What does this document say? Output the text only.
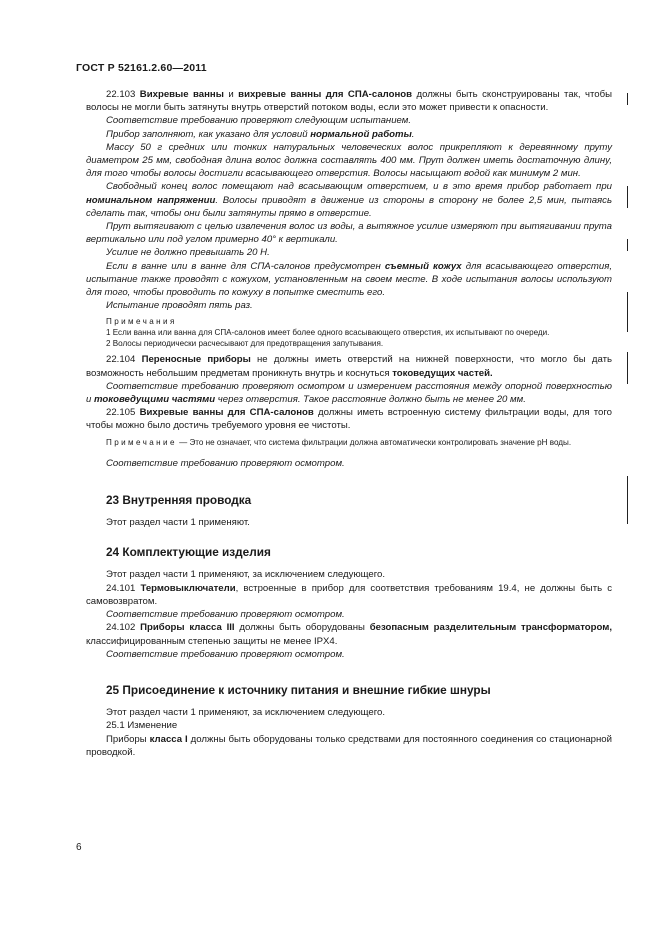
ГОСТ Р 52161.2.60—2011

22.103 Вихревые ванны и вихревые ванны для СПА-салонов должны быть сконструированы так, чтобы волосы не могли быть затянуты внутрь отверстий потоком воды, если это может привести к опасности.

Соответствие требованию проверяют следующим испытанием.

Прибор заполняют, как указано для условий нормальной работы.

Массу 50 г средних или тонких натуральных человеческих волос прикрепляют к деревянному пруту диаметром 25 мм, свободная длина волос должна составлять 400 мм. Прут должен иметь достаточную длину, для того чтобы волосы достигли всасывающего отверстия. Волосы насыщают водой как минимум 2 мин.

Свободный конец волос помещают над всасывающим отверстием, и в это время прибор работает при номинальном напряжении. Волосы приводят в движение из стороны в сторону не более 2,5 мин, пытаясь сделать так, чтобы они были затянуты прямо в отверстие.

Прут вытягивают с целью извлечения волос из воды, а вытяжное усилие измеряют при вытягивании прута вертикально или под углом примерно 40° к вертикали.

Усилие не должно превышать 20 Н.

Если в ванне или в ванне для СПА-салонов предусмотрен съемный кожух для всасывающего отверстия, испытание также проводят с кожухом, установленным на своем месте. В ходе испытания волосы используют для того, чтобы проводить по кожуху в попытке сместить его.

Испытание проводят пять раз.

Примечания

1 Если ванна или ванна для СПА-салонов имеет более одного всасывающего отверстия, их испытывают по очереди.

2 Волосы периодически расчесывают для предотвращения запутывания.

22.104 Переносные приборы не должны иметь отверстий на нижней поверхности, что могло бы дать возможность небольшим предметам проникнуть внутрь и коснуться токоведущих частей.

Соответствие требованию проверяют осмотром и измерением расстояния между опорной поверхностью и токоведущими частями через отверстия. Такое расстояние должно быть не менее 20 мм.

22.105 Вихревые ванны для СПА-салонов должны иметь встроенную систему фильтрации воды, для того чтобы можно было достичь требуемого уровня ее чистоты.

Примечание — Это не означает, что система фильтрации должна автоматически контролировать значение pH воды.

Соответствие требованию проверяют осмотром.

23 Внутренняя проводка

Этот раздел части 1 применяют.

24 Комплектующие изделия

Этот раздел части 1 применяют, за исключением следующего.

24.101 Термовыключатели, встроенные в прибор для соответствия требованиям 19.4, не должны быть с самовозвратом.

Соответствие требованию проверяют осмотром.

24.102 Приборы класса III должны быть оборудованы безопасным разделительным трансформатором, классифицированным степенью защиты не менее IPX4.

Соответствие требованию проверяют осмотром.

25 Присоединение к источнику питания и внешние гибкие шнуры

Этот раздел части 1 применяют, за исключением следующего.

25.1 Изменение

Приборы класса I должны быть оборудованы только средствами для постоянного соединения со стационарной проводкой.

6
